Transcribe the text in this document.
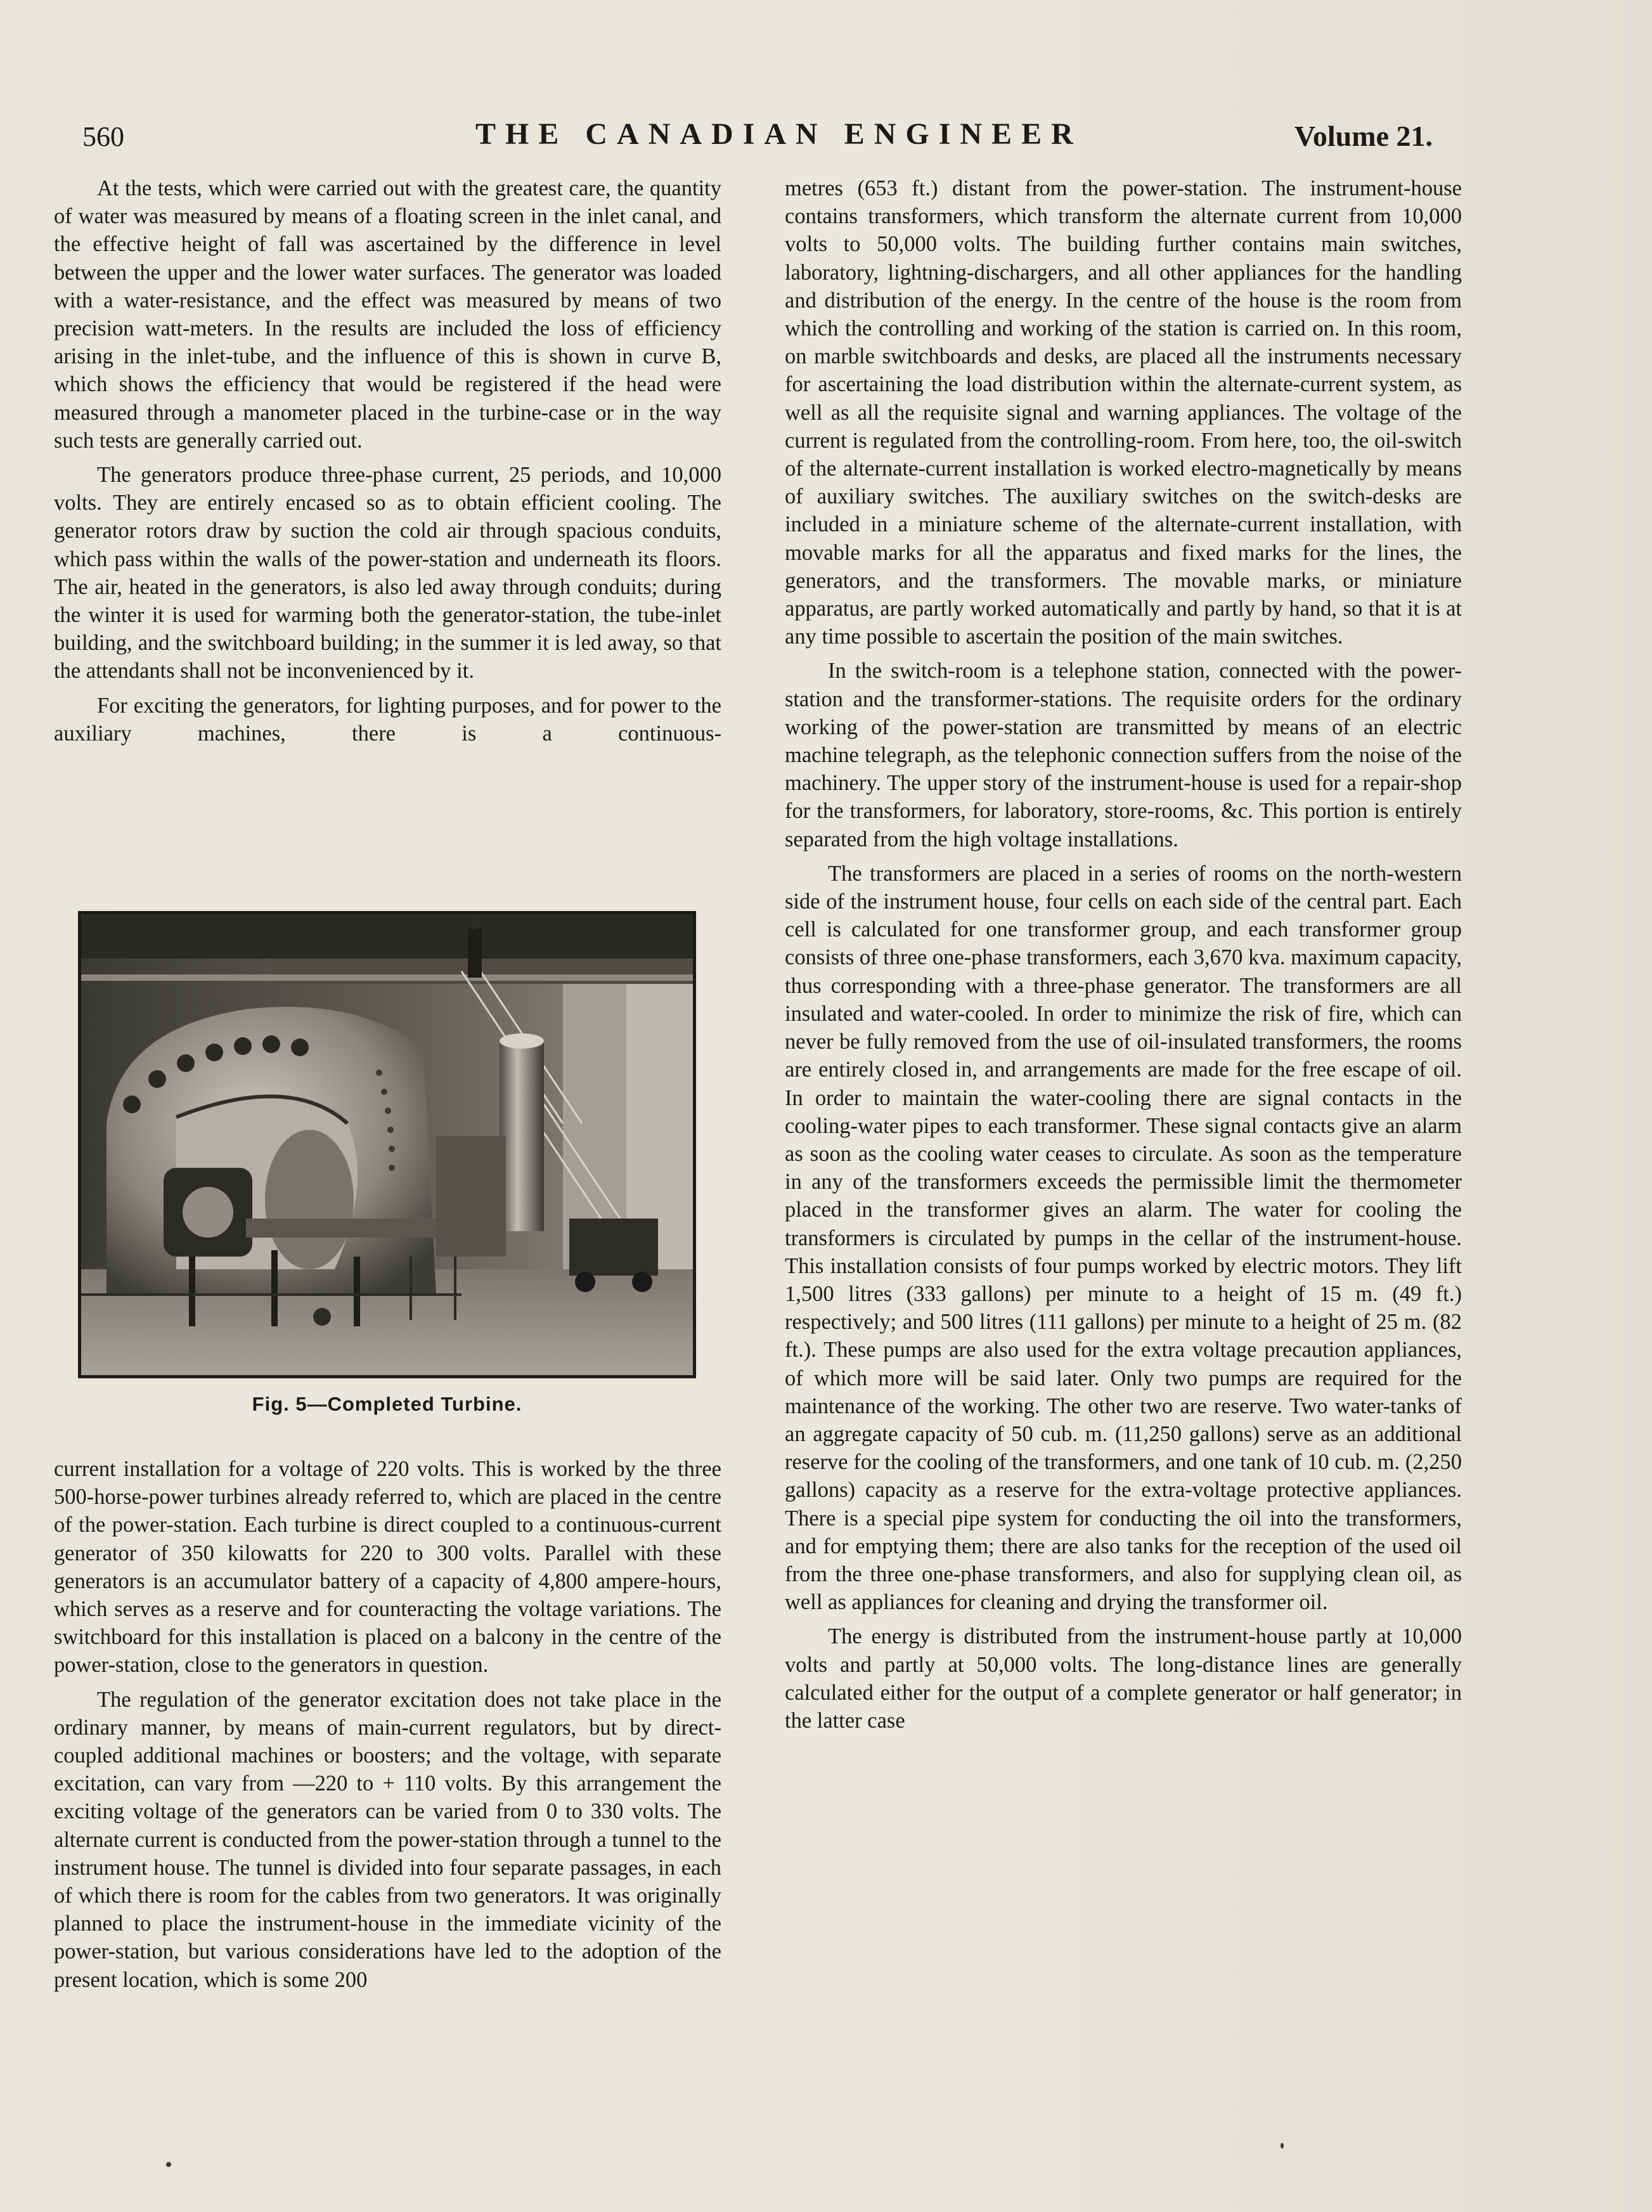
560	THE CANADIAN ENGINEER	Volume 21.

At the tests, which were carried out with the greatest care, the quantity of water was measured by means of a floating screen in the inlet canal, and the effective height of fall was ascertained by the difference in level between the upper and the lower water surfaces. The generator was loaded with a water-resistance, and the effect was measured by means of two precision watt-meters. In the results are included the loss of efficiency arising in the inlet-tube, and the influence of this is shown in curve B, which shows the efficiency that would be registered if the head were measured through a manometer placed in the turbine-case or in the way such tests are generally carried out.

The generators produce three-phase current, 25 periods, and 10,000 volts. They are entirely encased so as to obtain efficient cooling. The generator rotors draw by suction the cold air through spacious conduits, which pass within the walls of the power-station and underneath its floors. The air, heated in the generators, is also led away through conduits; during the winter it is used for warming both the generator-station, the tube-inlet building, and the switchboard building; in the summer it is led away, so that the attendants shall not be inconvenienced by it.

For exciting the generators, for lighting purposes, and for power to the auxiliary machines, there is a continuous-

Fig. 5—Completed Turbine.

current installation for a voltage of 220 volts. This is worked by the three 500-horse-power turbines already referred to, which are placed in the centre of the power-station. Each turbine is direct coupled to a continuous-current generator of 350 kilowatts for 220 to 300 volts. Parallel with these generators is an accumulator battery of a capacity of 4,800 ampere-hours, which serves as a reserve and for counteracting the voltage variations. The switchboard for this installation is placed on a balcony in the centre of the power-station, close to the generators in question.

The regulation of the generator excitation does not take place in the ordinary manner, by means of main-current regulators, but by direct-coupled additional machines or boosters; and the voltage, with separate excitation, can vary from —220 to + 110 volts. By this arrangement the exciting voltage of the generators can be varied from 0 to 330 volts. The alternate current is conducted from the power-station through a tunnel to the instrument house. The tunnel is divided into four separate passages, in each of which there is room for the cables from two generators. It was originally planned to place the instrument-house in the immediate vicinity of the power-station, but various considerations have led to the adoption of the present location, which is some 200

metres (653 ft.) distant from the power-station. The instrument-house contains transformers, which transform the alternate current from 10,000 volts to 50,000 volts. The building further contains main switches, laboratory, lightning-dischargers, and all other appliances for the handling and distribution of the energy. In the centre of the house is the room from which the controlling and working of the station is carried on. In this room, on marble switchboards and desks, are placed all the instruments necessary for ascertaining the load distribution within the alternate-current system, as well as all the requisite signal and warning appliances. The voltage of the current is regulated from the controlling-room. From here, too, the oil-switch of the alternate-current installation is worked electro-magnetically by means of auxiliary switches. The auxiliary switches on the switch-desks are included in a miniature scheme of the alternate-current installation, with movable marks for all the apparatus and fixed marks for the lines, the generators, and the transformers. The movable marks, or miniature apparatus, are partly worked automatically and partly by hand, so that it is at any time possible to ascertain the position of the main switches.

In the switch-room is a telephone station, connected with the power-station and the transformer-stations. The requisite orders for the ordinary working of the power-station are transmitted by means of an electric machine telegraph, as the telephonic connection suffers from the noise of the machinery. The upper story of the instrument-house is used for a repair-shop for the transformers, for laboratory, store-rooms, &c. This portion is entirely separated from the high voltage installations.

The transformers are placed in a series of rooms on the north-western side of the instrument house, four cells on each side of the central part. Each cell is calculated for one transformer group, and each transformer group consists of three one-phase transformers, each 3,670 kva. maximum capacity, thus corresponding with a three-phase generator. The transformers are all insulated and water-cooled. In order to minimize the risk of fire, which can never be fully removed from the use of oil-insulated transformers, the rooms are entirely closed in, and arrangements are made for the free escape of oil. In order to maintain the water-cooling there are signal contacts in the cooling-water pipes to each transformer. These signal contacts give an alarm as soon as the cooling water ceases to circulate. As soon as the temperature in any of the transformers exceeds the permissible limit the thermometer placed in the transformer gives an alarm. The water for cooling the transformers is circulated by pumps in the cellar of the instrument-house. This installation consists of four pumps worked by electric motors. They lift 1,500 litres (333 gallons) per minute to a height of 15 m. (49 ft.) respectively; and 500 litres (111 gallons) per minute to a height of 25 m. (82 ft.). These pumps are also used for the extra voltage precaution appliances, of which more will be said later. Only two pumps are required for the maintenance of the working. The other two are reserve. Two water-tanks of an aggregate capacity of 50 cub. m. (11,250 gallons) serve as an additional reserve for the cooling of the transformers, and one tank of 10 cub. m. (2,250 gallons) capacity as a reserve for the extra-voltage protective appliances. There is a special pipe system for conducting the oil into the transformers, and for emptying them; there are also tanks for the reception of the used oil from the three one-phase transformers, and also for supplying clean oil, as well as appliances for cleaning and drying the transformer oil.

The energy is distributed from the instrument-house partly at 10,000 volts and partly at 50,000 volts. The long-distance lines are generally calculated either for the output of a complete generator or half generator; in the latter case
